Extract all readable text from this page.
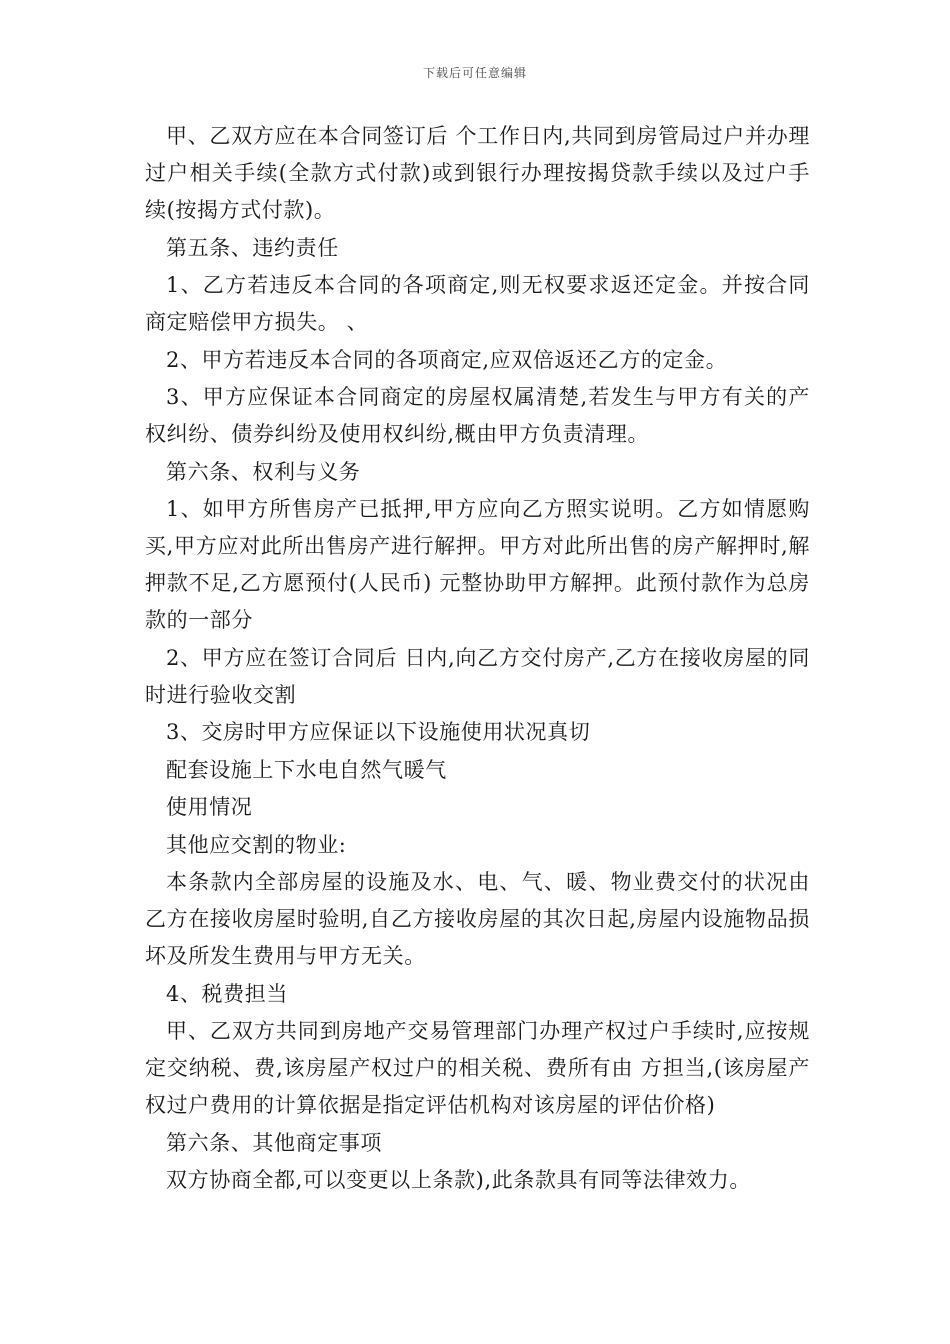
下载后可任意编辑

甲、乙双方应在本合同签订后 个工作日内,共同到房管局过户并办理过户相关手续(全款方式付款)或到银行办理按揭贷款手续以及过户手续(按揭方式付款)。

第五条、违约责任

1、乙方若违反本合同的各项商定,则无权要求返还定金。并按合同商定赔偿甲方损失。 、

2、甲方若违反本合同的各项商定,应双倍返还乙方的定金。

3、甲方应保证本合同商定的房屋权属清楚,若发生与甲方有关的产权纠纷、债券纠纷及使用权纠纷,概由甲方负责清理。

第六条、权利与义务

1、如甲方所售房产已抵押,甲方应向乙方照实说明。乙方如情愿购买,甲方应对此所出售房产进行解押。甲方对此所出售的房产解押时,解押款不足,乙方愿预付(人民币) 元整协助甲方解押。此预付款作为总房款的一部分

2、甲方应在签订合同后 日内,向乙方交付房产,乙方在接收房屋的同时进行验收交割

3、交房时甲方应保证以下设施使用状况真切

配套设施上下水电自然气暖气

使用情况

其他应交割的物业:

本条款内全部房屋的设施及水、电、气、暖、物业费交付的状况由乙方在接收房屋时验明,自乙方接收房屋的其次日起,房屋内设施物品损坏及所发生费用与甲方无关。

4、税费担当

甲、乙双方共同到房地产交易管理部门办理产权过户手续时,应按规定交纳税、费,该房屋产权过户的相关税、费所有由 方担当,(该房屋产权过户费用的计算依据是指定评估机构对该房屋的评估价格)

第六条、其他商定事项

双方协商全都,可以变更以上条款),此条款具有同等法律效力。
